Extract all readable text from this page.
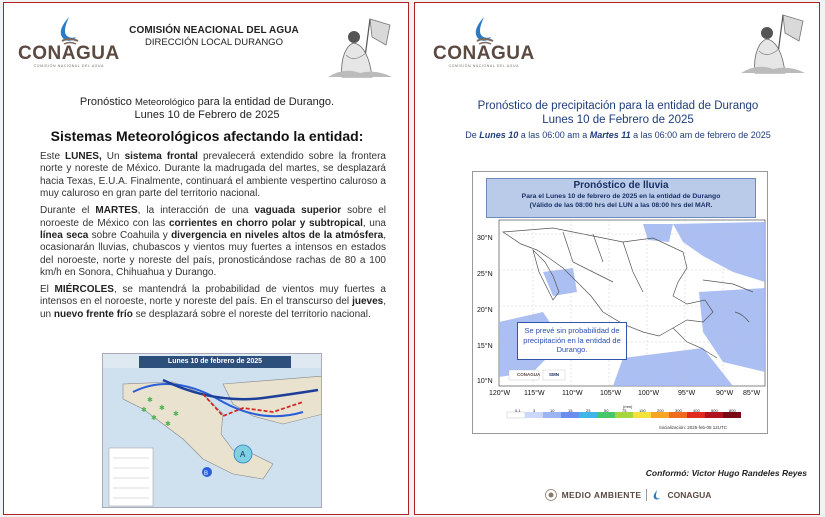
CONAGUA
COMISIÓN NACIONAL DEL AGUA
COMISIÓN NEACIONAL DEL AGUA
DIRECCIÓN LOCAL DURANGO
Pronóstico Meteorológico para la entidad de Durango.
Lunes 10 de Febrero de 2025
Sistemas Meteorológicos afectando la entidad:

Este LUNES, Un sistema frontal prevalecerá extendido sobre la frontera norte y noreste de México. Durante la madrugada del martes, se desplazará hacia Texas, E.U.A. Finalmente, continuará el ambiente vespertino caluroso a muy caluroso en gran parte del territorio nacional.

Durante el MARTES, la interacción de una vaguada superior sobre el noroeste de México con las corrientes en chorro polar y subtropical, una línea seca sobre Coahuila y divergencia en niveles altos de la atmósfera, ocasionarán lluvias, chubascos y vientos muy fuertes a intensos en estados del noroeste, norte y noreste del país, pronosticándose rachas de 80 a 100 km/h en Sonora, Chihuahua y Durango.

El MIÉRCOLES, se mantendrá la probabilidad de vientos muy fuertes a intensos en el noroeste, norte y noreste del país. En el transcurso del jueves, un nuevo frente frío se desplazará sobre el noreste del territorio nacional.

Lunes 10 de febrero de 2025
✱
✱
✱
✱
✱
✱
A
B
CONAGUA
COMISIÓN NACIONAL DEL AGUA
Pronóstico de precipitación para la entidad de Durango
Lunes 10 de Febrero de 2025
De Lunes 10 a las 06:00 am a Martes 11 a las 06:00 am de febrero de 2025
Pronóstico de lluvia
Para el Lunes 10 de febrero de 2025 en la entidad de Durango
(Válido de las 08:00 hrs del LUN a las 08:00 hrs del MAR.
Se prevé sin probabilidad de precipitación en la entidad de Durango.
30°N
25°N
20°N
15°N
10°N
120°W 115°W 110°W 105°W 100°W	95°W	90°W 85°W
(mm)
0.1	3	10	15	25	50	75	150	200	300	400	500	800
CONAGUA SMN
Inicialización: 2025-feb-08 12UTC
Conformó: Victor Hugo Randeles Reyes
MEDIO AMBIENTE	CONAGUA
